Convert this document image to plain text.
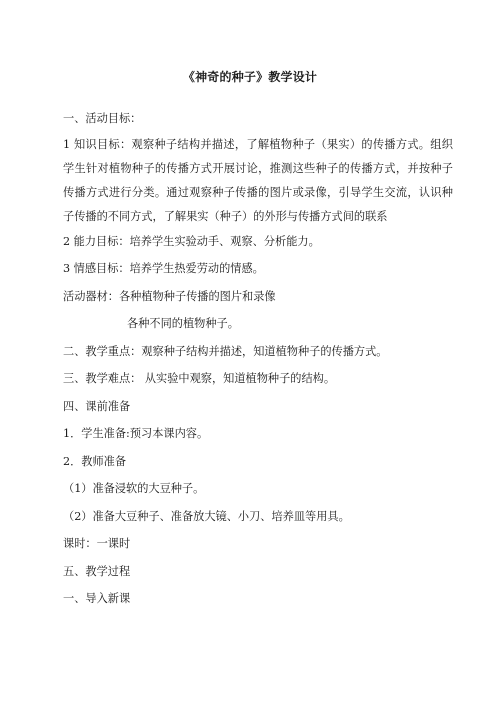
《神奇的种子》教学设计
一、活动目标：
1 知识目标：观察种子结构并描述，了解植物种子（果实）的传播方式。组织学生针对植物种子的传播方式开展讨论，推测这些种子的传播方式，并按种子传播方式进行分类。通过观察种子传播的图片或录像，引导学生交流，认识种子传播的不同方式，了解果实（种子）的外形与传播方式间的联系
2 能力目标：培养学生实验动手、观察、分析能力。
3 情感目标：培养学生热爱劳动的情感。
活动器材：各种植物种子传播的图片和录像
各种不同的植物种子。
二、教学重点：观察种子结构并描述，知道植物种子的传播方式。
三、教学难点： 从实验中观察，知道植物种子的结构。
四、课前准备
1．学生准备:预习本课内容。
2．教师准备
（1）准备浸软的大豆种子。
（2）准备大豆种子、准备放大镜、小刀、培养皿等用具。
课时：一课时
五、教学过程
一、导入新课
